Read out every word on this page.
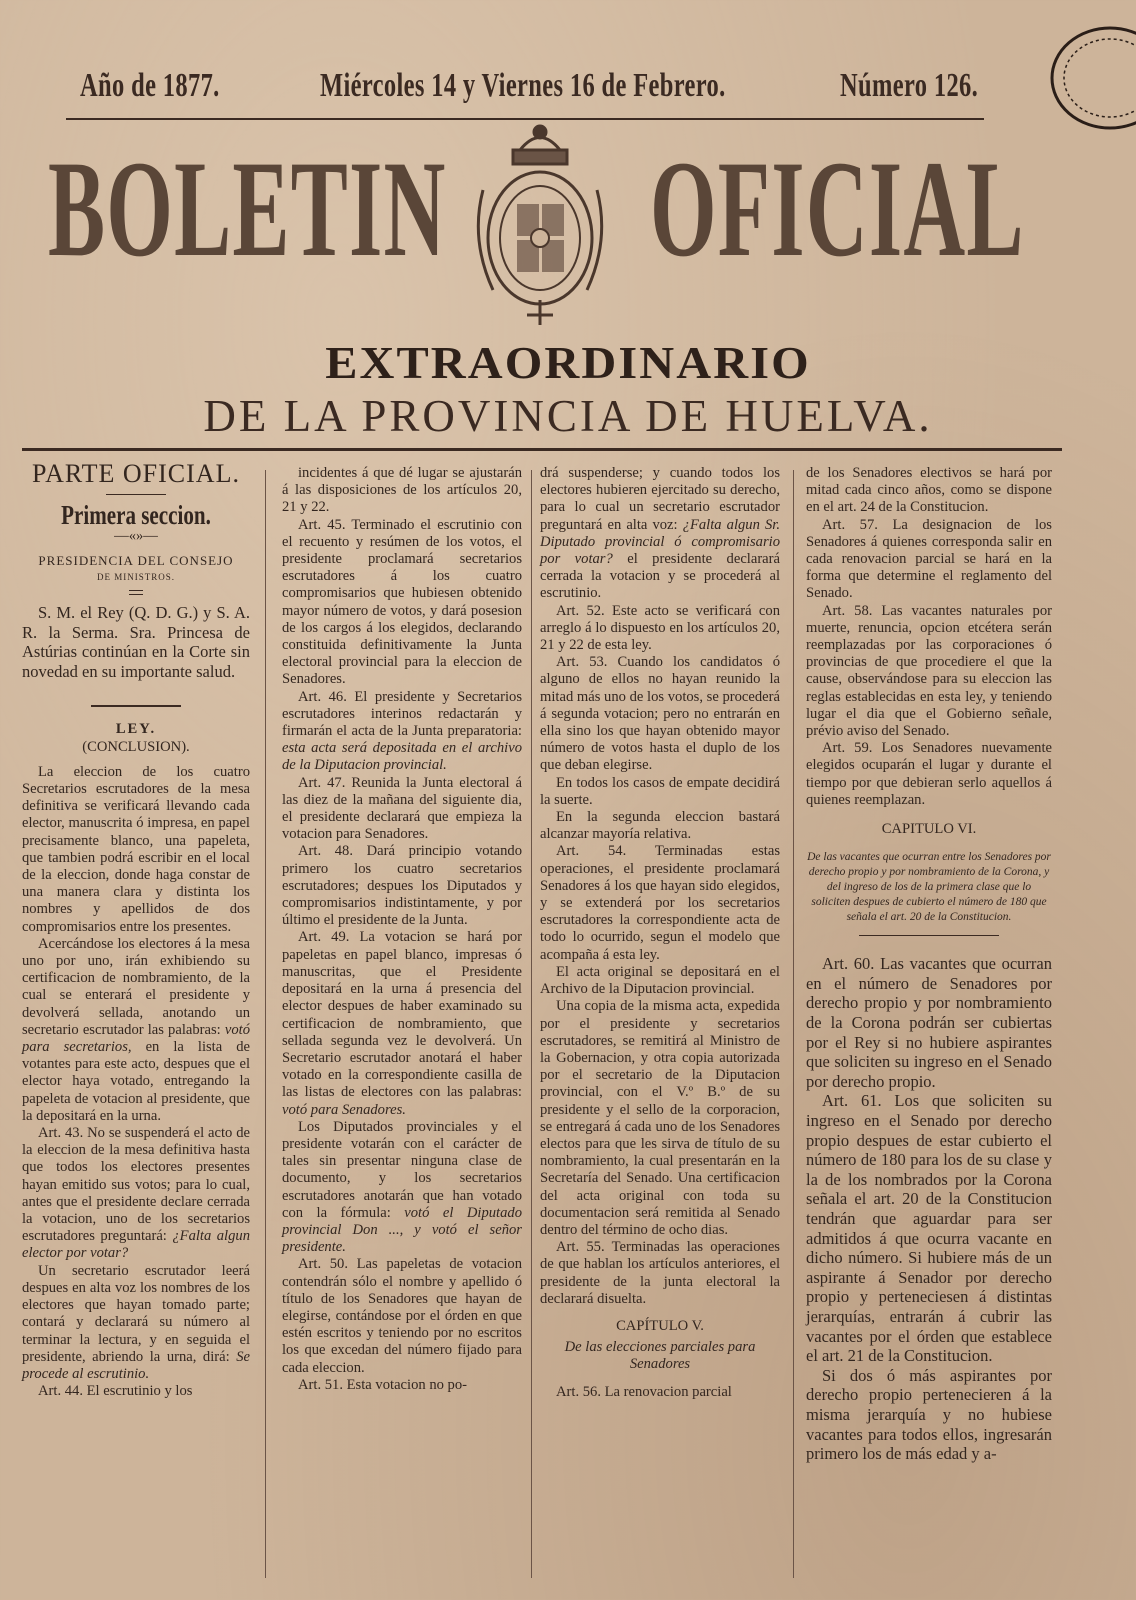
Año de 1877.	Miércoles 14 y Viernes 16 de Febrero.	Número 126.
BOLETIN OFICIAL
EXTRAORDINARIO
DE LA PROVINCIA DE HUELVA.
PARTE OFICIAL.
Primera seccion.

—«»—

PRESIDENCIA DEL CONSEJO

DE MINISTROS.

S. M. el Rey (Q. D. G.) y S. A. R. la Serma. Sra. Princesa de Astúrias continúan en la Corte sin novedad en su importante salud.

LEY.

(CONCLUSION).

La eleccion de los cuatro Secretarios escrutadores de la mesa definitiva se verificará llevando cada elector, manuscrita ó impresa, en papel precisamente blanco, una papeleta, que tambien podrá escribir en el local de la eleccion, donde haga constar de una manera clara y distinta los nombres y apellidos de dos compromisarios entre los presentes.

Acercándose los electores á la mesa uno por uno, irán exhibiendo su certificacion de nombramiento, de la cual se enterará el presidente y devolverá sellada, anotando un secretario escrutador las palabras: votó para secretarios, en la lista de votantes para este acto, despues que el elector haya votado, entregando la papeleta de votacion al presidente, que la depositará en la urna.

Art. 43. No se suspenderá el acto de la eleccion de la mesa definitiva hasta que todos los electores presentes hayan emitido sus votos; para lo cual, antes que el presidente declare cerrada la votacion, uno de los secretarios escrutadores preguntará: ¿Falta algun elector por votar?

Un secretario escrutador leerá despues en alta voz los nombres de los electores que hayan tomado parte; contará y declarará su número al terminar la lectura, y en seguida el presidente, abriendo la urna, dirá: Se procede al escrutinio.

Art. 44. El escrutinio y los

incidentes á que dé lugar se ajustarán á las disposiciones de los artículos 20, 21 y 22.

Art. 45. Terminado el escrutinio con el recuento y resúmen de los votos, el presidente proclamará secretarios escrutadores á los cuatro compromisarios que hubiesen obtenido mayor número de votos, y dará posesion de los cargos á los elegidos, declarando constituida definitivamente la Junta electoral provincial para la eleccion de Senadores.

Art. 46. El presidente y Secretarios escrutadores interinos redactarán y firmarán el acta de la Junta preparatoria: esta acta será depositada en el archivo de la Diputacion provincial.

Art. 47. Reunida la Junta electoral á las diez de la mañana del siguiente dia, el presidente declarará que empieza la votacion para Senadores.

Art. 48. Dará principio votando primero los cuatro secretarios escrutadores; despues los Diputados y compromisarios indistintamente, y por último el presidente de la Junta.

Art. 49. La votacion se hará por papeletas en papel blanco, impresas ó manuscritas, que el Presidente depositará en la urna á presencia del elector despues de haber examinado su certificacion de nombramiento, que sellada segunda vez le devolverá. Un Secretario escrutador anotará el haber votado en la correspondiente casilla de las listas de electores con las palabras: votó para Senadores.

Los Diputados provinciales y el presidente votarán con el carácter de tales sin presentar ninguna clase de documento, y los secretarios escrutadores anotarán que han votado con la fórmula: votó el Diputado provincial Don ..., y votó el señor presidente.

Art. 50. Las papeletas de votacion contendrán sólo el nombre y apellido ó título de los Senadores que hayan de elegirse, contándose por el órden en que estén escritos y teniendo por no escritos los que excedan del número fijado para cada eleccion.

Art. 51. Esta votacion no po-

drá suspenderse; y cuando todos los electores hubieren ejercitado su derecho, para lo cual un secretario escrutador preguntará en alta voz: ¿Falta algun Sr. Diputado provincial ó compromisario por votar? el presidente declarará cerrada la votacion y se procederá al escrutinio.

Art. 52. Este acto se verificará con arreglo á lo dispuesto en los artículos 20, 21 y 22 de esta ley.

Art. 53. Cuando los candidatos ó alguno de ellos no hayan reunido la mitad más uno de los votos, se procederá á segunda votacion; pero no entrarán en ella sino los que hayan obtenido mayor número de votos hasta el duplo de los que deban elegirse.

En todos los casos de empate decidirá la suerte.

En la segunda eleccion bastará alcanzar mayoría relativa.

Art. 54. Terminadas estas operaciones, el presidente proclamará Senadores á los que hayan sido elegidos, y se extenderá por los secretarios escrutadores la correspondiente acta de todo lo ocurrido, segun el modelo que acompaña á esta ley.

El acta original se depositará en el Archivo de la Diputacion provincial.

Una copia de la misma acta, expedida por el presidente y secretarios escrutadores, se remitirá al Ministro de la Gobernacion, y otra copia autorizada por el secretario de la Diputacion provincial, con el V.º B.º de su presidente y el sello de la corporacion, se entregará á cada uno de los Senadores electos para que les sirva de título de su nombramiento, la cual presentarán en la Secretaría del Senado. Una certificacion del acta original con toda su documentacion será remitida al Senado dentro del término de ocho dias.

Art. 55. Terminadas las operaciones de que hablan los artículos anteriores, el presidente de la junta electoral la declarará disuelta.

CAPÍTULO V.

De las elecciones parciales para Senadores

Art. 56. La renovacion parcial

de los Senadores electivos se hará por mitad cada cinco años, como se dispone en el art. 24 de la Constitucion.

Art. 57. La designacion de los Senadores á quienes corresponda salir en cada renovacion parcial se hará en la forma que determine el reglamento del Senado.

Art. 58. Las vacantes naturales por muerte, renuncia, opcion etcétera serán reemplazadas por las corporaciones ó provincias de que procediere el que la cause, observándose para su eleccion las reglas establecidas en esta ley, y teniendo lugar el dia que el Gobierno señale, prévio aviso del Senado.

Art. 59. Los Senadores nuevamente elegidos ocuparán el lugar y durante el tiempo por que debieran serlo aquellos á quienes reemplazan.

CAPITULO VI.

De las vacantes que ocurran entre los Senadores por derecho propio y por nombramiento de la Corona, y del ingreso de los de la primera clase que lo soliciten despues de cubierto el número de 180 que señala el art. 20 de la Constitucion.

Art. 60. Las vacantes que ocurran en el número de Senadores por derecho propio y por nombramiento de la Corona podrán ser cubiertas por el Rey si no hubiere aspirantes que soliciten su ingreso en el Senado por derecho propio.

Art. 61. Los que soliciten su ingreso en el Senado por derecho propio despues de estar cubierto el número de 180 para los de su clase y la de los nombrados por la Corona señala el art. 20 de la Constitucion tendrán que aguardar para ser admitidos á que ocurra vacante en dicho número. Si hubiere más de un aspirante á Senador por derecho propio y perteneciesen á distintas jerarquías, entrarán á cubrir las vacantes por el órden que establece el art. 21 de la Constitucion.

Si dos ó más aspirantes por derecho propio pertenecieren á la misma jerarquía y no hubiese vacantes para todos ellos, ingresarán primero los de más edad y a-
